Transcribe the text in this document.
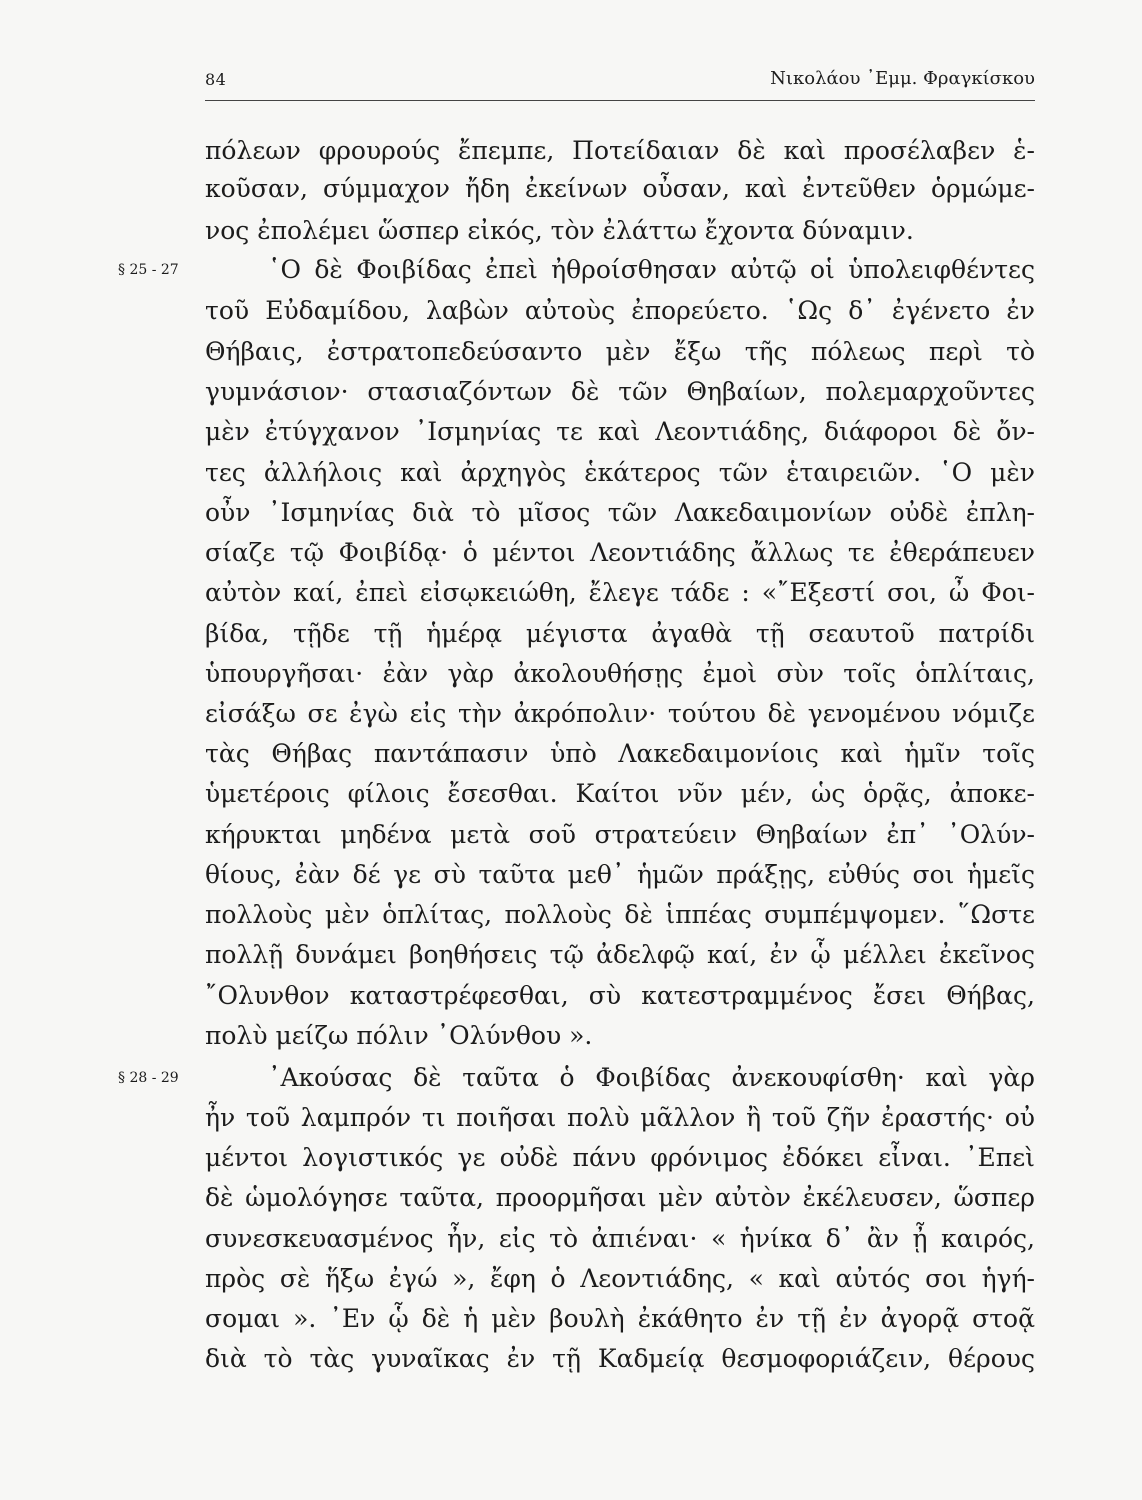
84	Νικολάου ᾿Εμμ. Φραγκίσκου
§ 25 - 27
§ 28 - 29
πόλεων φρουρούς ἔπεμπε, Ποτείδαιαν δὲ καὶ προσέλαβεν ἑ-
κοῦσαν, σύμμαχον ἤδη ἐκείνων οὖσαν, καὶ ἐντεῦθεν ὁρμώμε-
νος ἐπολέμει ὥσπερ εἰκός, τὸν ἐλάττω ἔχοντα δύναμιν.
῾Ο δὲ Φοιβίδας ἐπεὶ ἠθροίσθησαν αὐτῷ οἱ ὑπολειφθέντες
τοῦ Εὐδαμίδου, λαβὼν αὐτοὺς ἐπορεύετο. ῾Ως δ᾿ ἐγένετο ἐν
Θήβαις, ἐστρατοπεδεύσαντο μὲν ἔξω τῆς πόλεως περὶ τὸ
γυμνάσιον· στασιαζόντων δὲ τῶν Θηβαίων, πολεμαρχοῦντες
μὲν ἐτύγχανον ᾿Ισμηνίας τε καὶ Λεοντιάδης, διάφοροι δὲ ὄν-
τες ἀλλήλοις καὶ ἀρχηγὸς ἑκάτερος τῶν ἑταιρειῶν. ῾Ο μὲν
οὖν ᾿Ισμηνίας διὰ τὸ μῖσος τῶν Λακεδαιμονίων οὐδὲ ἐπλη-
σίαζε τῷ Φοιβίδᾳ· ὁ μέντοι Λεοντιάδης ἄλλως τε ἐθεράπευεν
αὐτὸν καί, ἐπεὶ εἰσῳκειώθη, ἔλεγε τάδε : «῎Εξεστί σοι, ὦ Φοι-
βίδα, τῇδε τῇ ἡμέρᾳ μέγιστα ἀγαθὰ τῇ σεαυτοῦ πατρίδι
ὑπουργῆσαι· ἐὰν γὰρ ἀκολουθήσῃς ἐμοὶ σὺν τοῖς ὁπλίταις,
εἰσάξω σε ἐγὼ εἰς τὴν ἀκρόπολιν· τούτου δὲ γενομένου νόμιζε
τὰς Θήβας παντάπασιν ὑπὸ Λακεδαιμονίοις καὶ ἡμῖν τοῖς
ὑμετέροις φίλοις ἔσεσθαι. Καίτοι νῦν μέν, ὡς ὁρᾷς, ἀποκε-
κήρυκται μηδένα μετὰ σοῦ στρατεύειν Θηβαίων ἐπ᾿ ᾿Ολύν-
θίους, ἐὰν δέ γε σὺ ταῦτα μεθ᾿ ἡμῶν πράξῃς, εὐθύς σοι ἡμεῖς
πολλοὺς μὲν ὁπλίτας, πολλοὺς δὲ ἱππέας συμπέμψομεν. ῞Ωστε
πολλῇ δυνάμει βοηθήσεις τῷ ἀδελφῷ καί, ἐν ᾧ μέλλει ἐκεῖνος
῎Ολυνθον καταστρέφεσθαι, σὺ κατεστραμμένος ἔσει Θήβας,
πολὺ μείζω πόλιν ᾿Ολύνθου ».
᾿Ακούσας δὲ ταῦτα ὁ Φοιβίδας ἀνεκουφίσθη· καὶ γὰρ
ἦν τοῦ λαμπρόν τι ποιῆσαι πολὺ μᾶλλον ἢ τοῦ ζῆν ἐραστής· οὐ
μέντοι λογιστικός γε οὐδὲ πάνυ φρόνιμος ἐδόκει εἶναι. ᾿Επεὶ
δὲ ὡμολόγησε ταῦτα, προορμῆσαι μὲν αὐτὸν ἐκέλευσεν, ὥσπερ
συνεσκευασμένος ἦν, εἰς τὸ ἀπιέναι· « ἡνίκα δ᾿ ἂν ᾖ καιρός,
πρὸς σὲ ἥξω ἐγώ », ἔφη ὁ Λεοντιάδης, « καὶ αὐτός σοι ἡγή-
σομαι ». ᾿Εν ᾧ δὲ ἡ μὲν βουλὴ ἐκάθητο ἐν τῇ ἐν ἀγορᾷ στοᾷ
διὰ τὸ τὰς γυναῖκας ἐν τῇ Καδμείᾳ θεσμοφοριάζειν, θέρους
